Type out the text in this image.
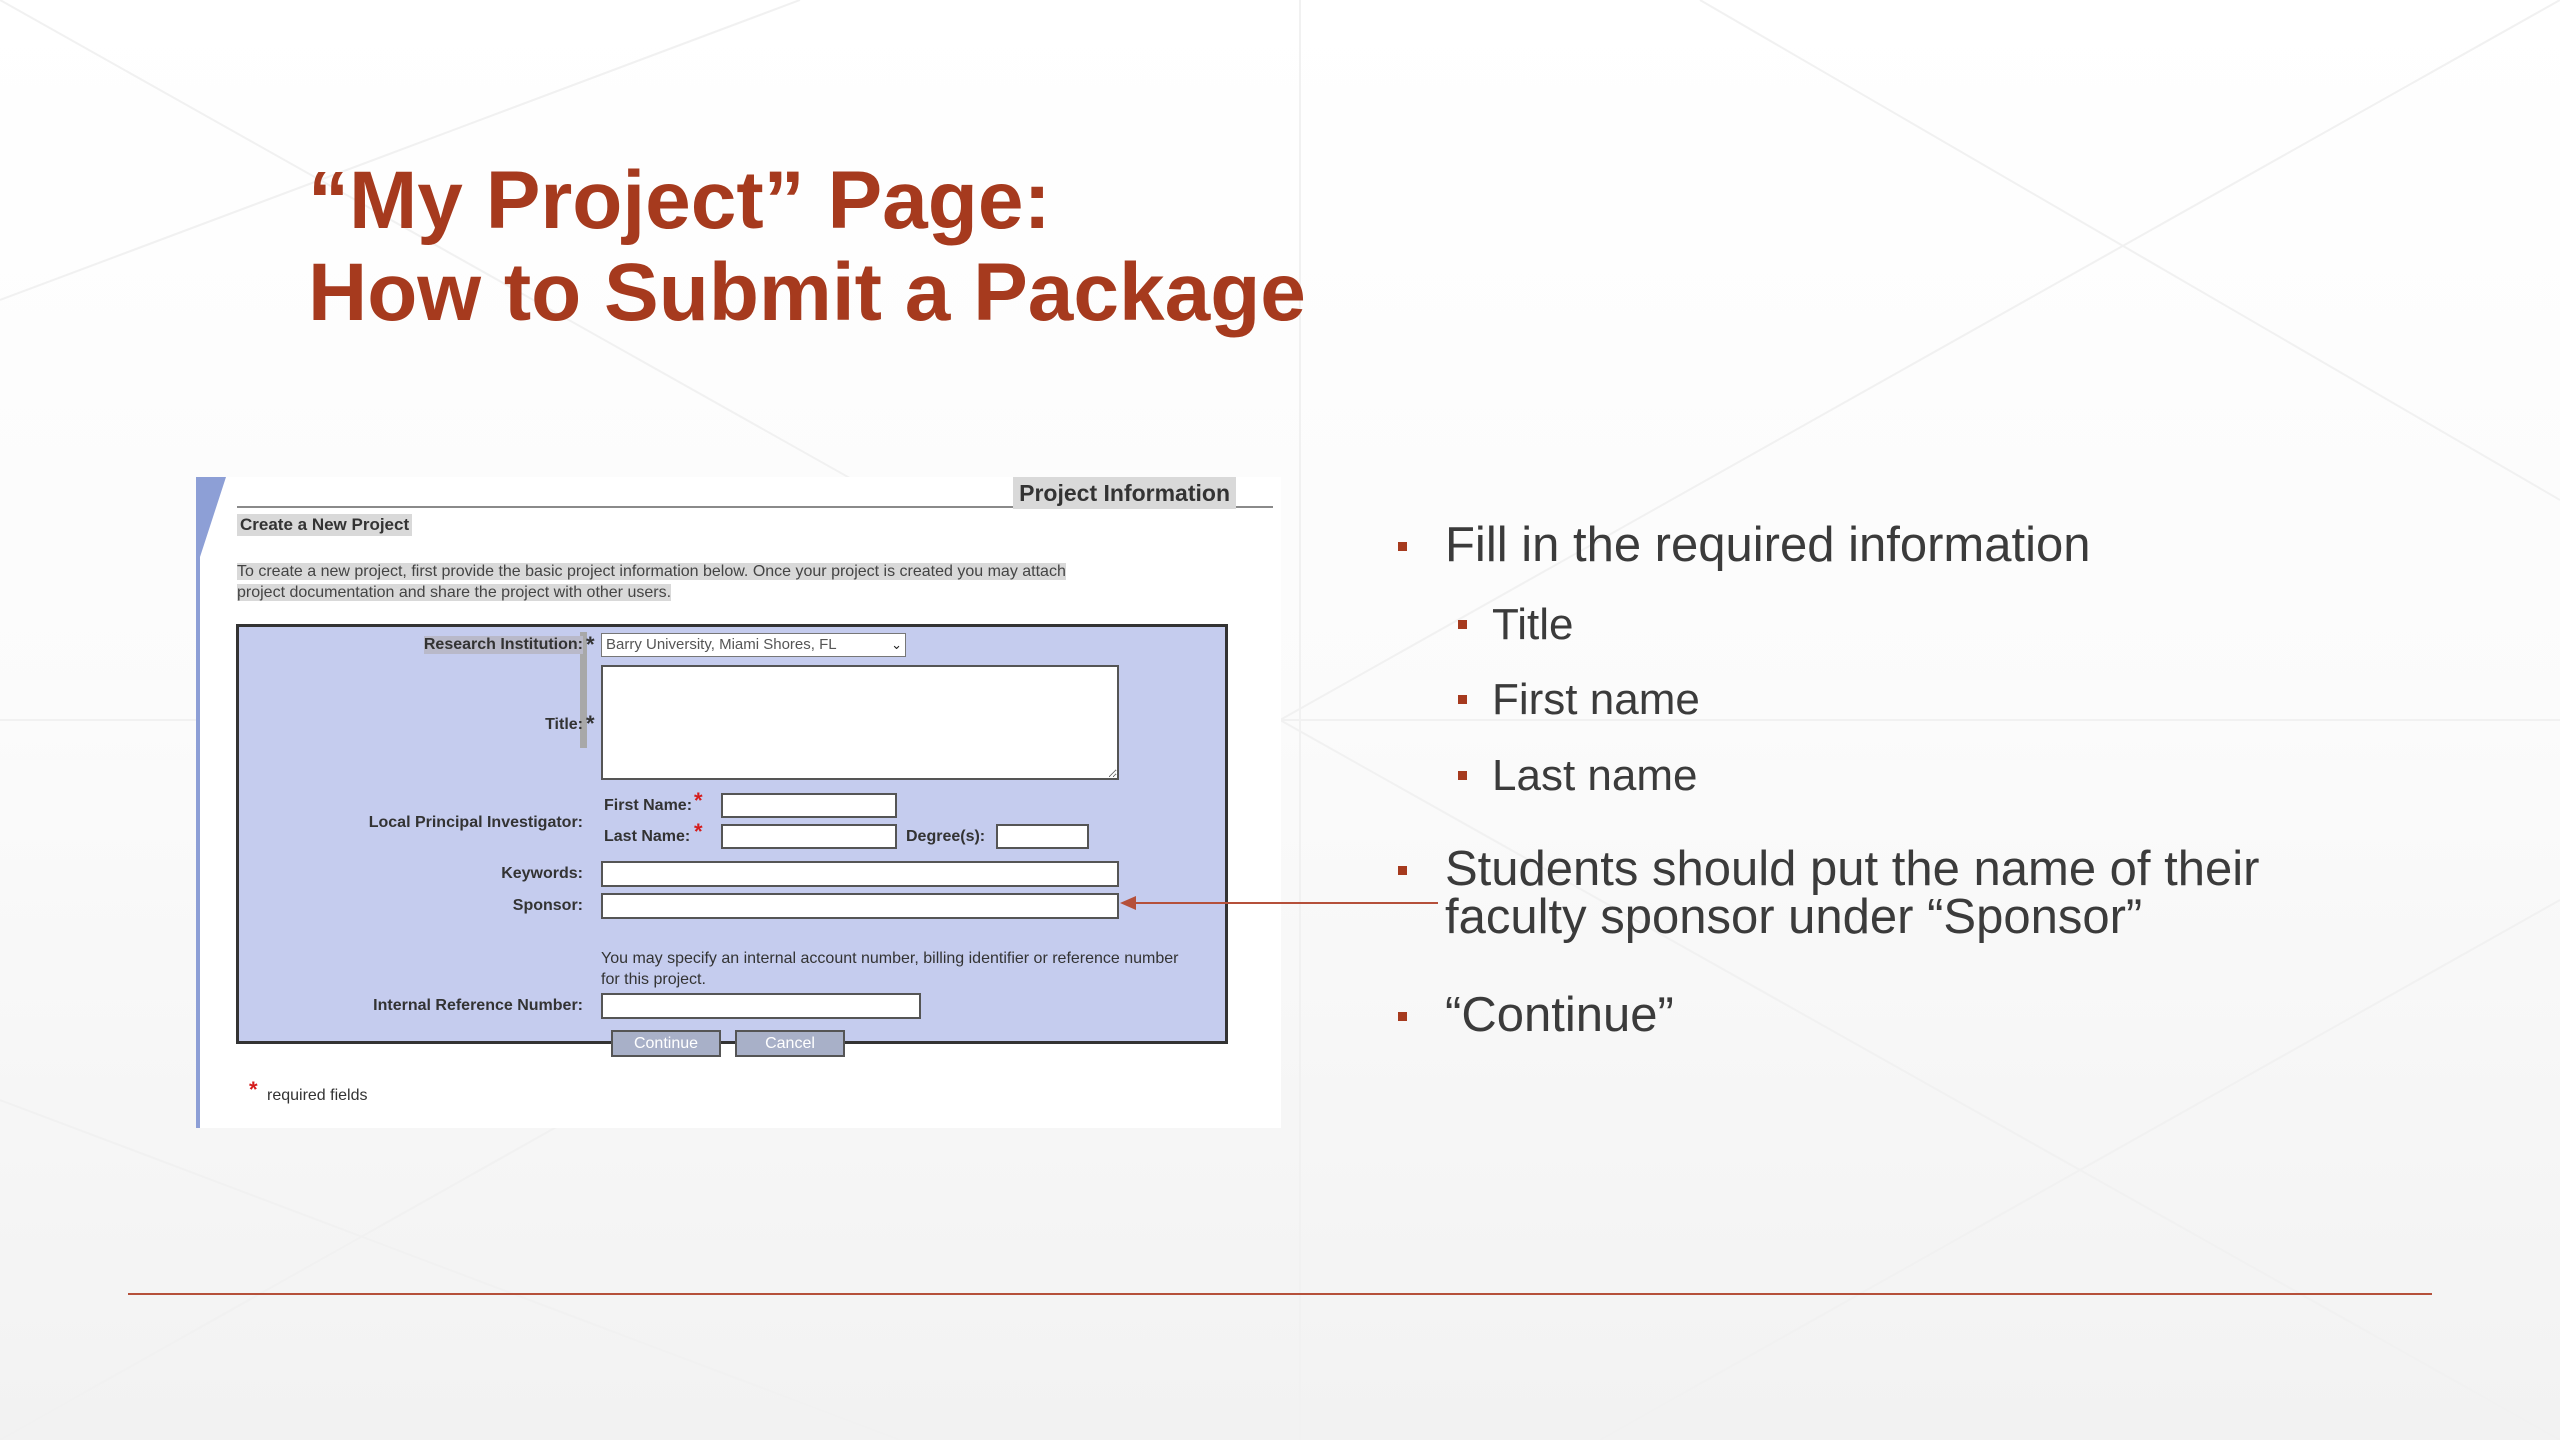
“My Project” Page:
How to Submit a Package
Project Information
Create a New Project
To create a new project, first provide the basic project information below. Once your project is created you may attach
project documentation and share the project with other users.
Research Institution: * Barry University, Miami Shores, FL	⌄
Title: *
Local Principal Investigator:
First Name: *
Last Name: *	Degree(s):
Keywords:
Sponsor:
You may specify an internal account number, billing identifier or reference number for this project.
Internal Reference Number:
Continue	Cancel
* required fields
Fill in the required information
Title
First name
Last name
Students should put the name of their
faculty sponsor under “Sponsor”
“Continue”
